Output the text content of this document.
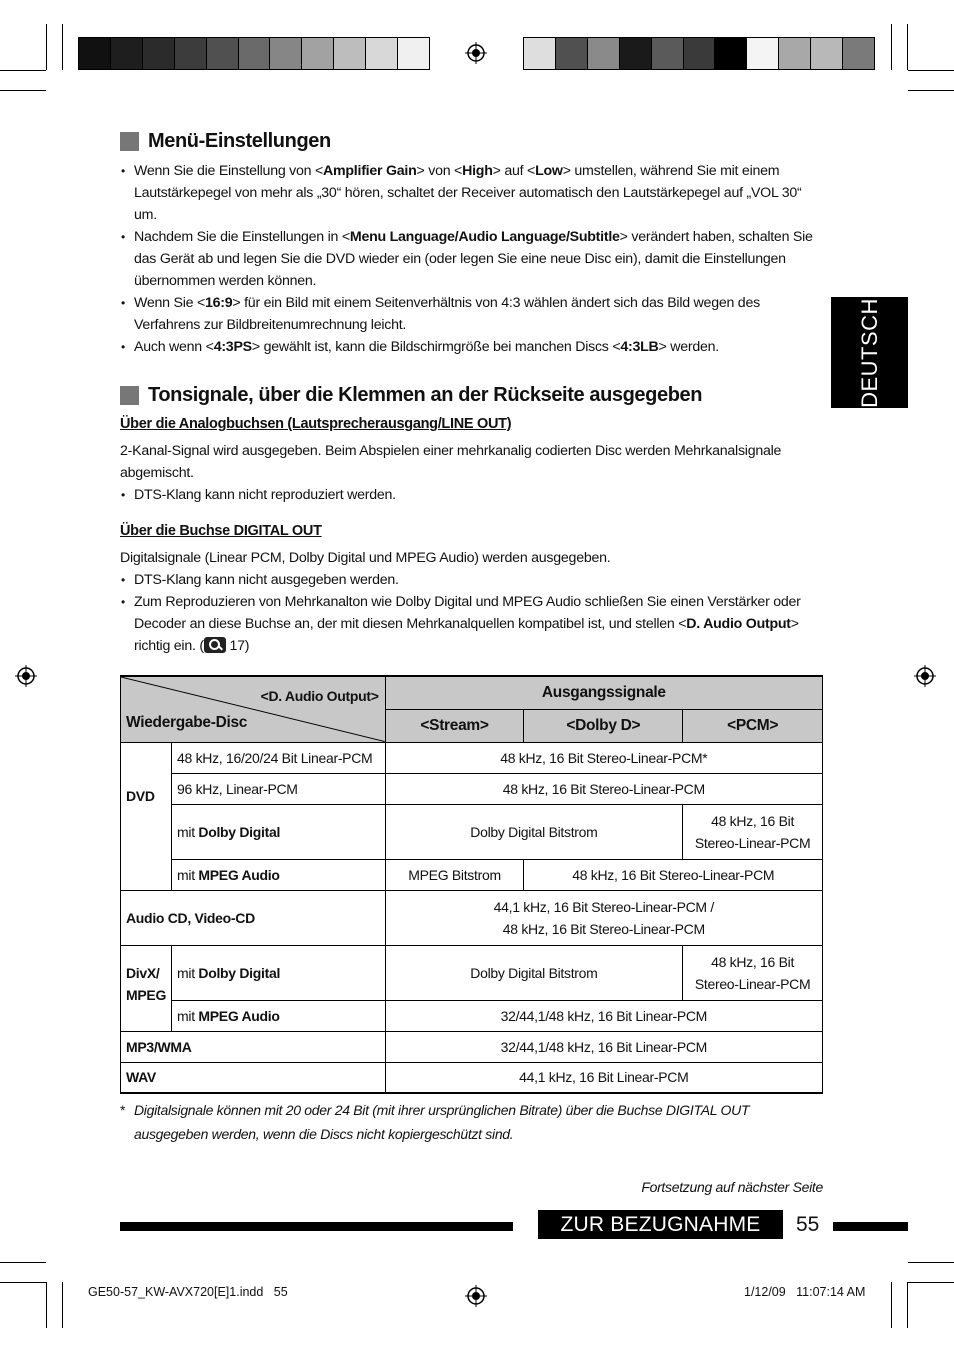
DEUTSCH
Menü-Einstellungen
• Wenn Sie die Einstellung von <Amplifier Gain> von <High> auf <Low> umstellen, während Sie mit einem Lautstärkepegel von mehr als „30“ hören, schaltet der Receiver automatisch den Lautstärkepegel auf „VOL 30“ um.
• Nachdem Sie die Einstellungen in <Menu Language/Audio Language/Subtitle> verändert haben, schalten Sie das Gerät ab und legen Sie die DVD wieder ein (oder legen Sie eine neue Disc ein), damit die Einstellungen übernommen werden können.
• Wenn Sie <16:9> für ein Bild mit einem Seitenverhältnis von 4:3 wählen ändert sich das Bild wegen des Verfahrens zur Bildbreitenumrechnung leicht.
• Auch wenn <4:3PS> gewählt ist, kann die Bildschirmgröße bei manchen Discs <4:3LB> werden.
Tonsignale, über die Klemmen an der Rückseite ausgegeben
Über die Analogbuchsen (Lautsprecherausgang/LINE OUT)

2-Kanal-Signal wird ausgegeben. Beim Abspielen einer mehrkanalig codierten Disc werden Mehrkanalsignale abgemischt.

• DTS-Klang kann nicht reproduziert werden.
Über die Buchse DIGITAL OUT

Digitalsignale (Linear PCM, Dolby Digital und MPEG Audio) werden ausgegeben.

• DTS-Klang kann nicht ausgegeben werden.
• Zum Reproduzieren von Mehrkanalton wie Dolby Digital und MPEG Audio schließen Sie einen Verstärker oder Decoder an diese Buchse an, der mit diesen Mehrkanalquellen kompatibel ist, und stellen <D. Audio Output> richtig ein. ( 17)
<D. Audio Output>
Wiedergabe-Disc		Ausgangssignale		
		<Stream>	<Dolby D>	<PCM>
DVD	48 kHz, 16/20/24 Bit Linear-PCM	48 kHz, 16 Bit Stereo-Linear-PCM*		
	96 kHz, Linear-PCM	48 kHz, 16 Bit Stereo-Linear-PCM		
	mit Dolby Digital	Dolby Digital Bitstrom		48 kHz, 16 Bit
Stereo-Linear-PCM
	mit MPEG Audio	MPEG Bitstrom	48 kHz, 16 Bit Stereo-Linear-PCM	
Audio CD, Video-CD		44,1 kHz, 16 Bit Stereo-Linear-PCM /
48 kHz, 16 Bit Stereo-Linear-PCM		
DivX/
MPEG	mit Dolby Digital	Dolby Digital Bitstrom		48 kHz, 16 Bit
Stereo-Linear-PCM
	mit MPEG Audio	32/44,1/48 kHz, 16 Bit Linear-PCM		
MP3/WMA		32/44,1/48 kHz, 16 Bit Linear-PCM		
WAV		44,1 kHz, 16 Bit Linear-PCM		
* Digitalsignale können mit 20 oder 24 Bit (mit ihrer ursprünglichen Bitrate) über die Buchse DIGITAL OUT ausgegeben werden, wenn die Discs nicht kopiergeschützt sind.
Fortsetzung auf nächster Seite
ZUR BEZUGNAHME	55
GE50-57_KW-AVX720[E]1.indd   55	1/12/09   11:07:14 AM
